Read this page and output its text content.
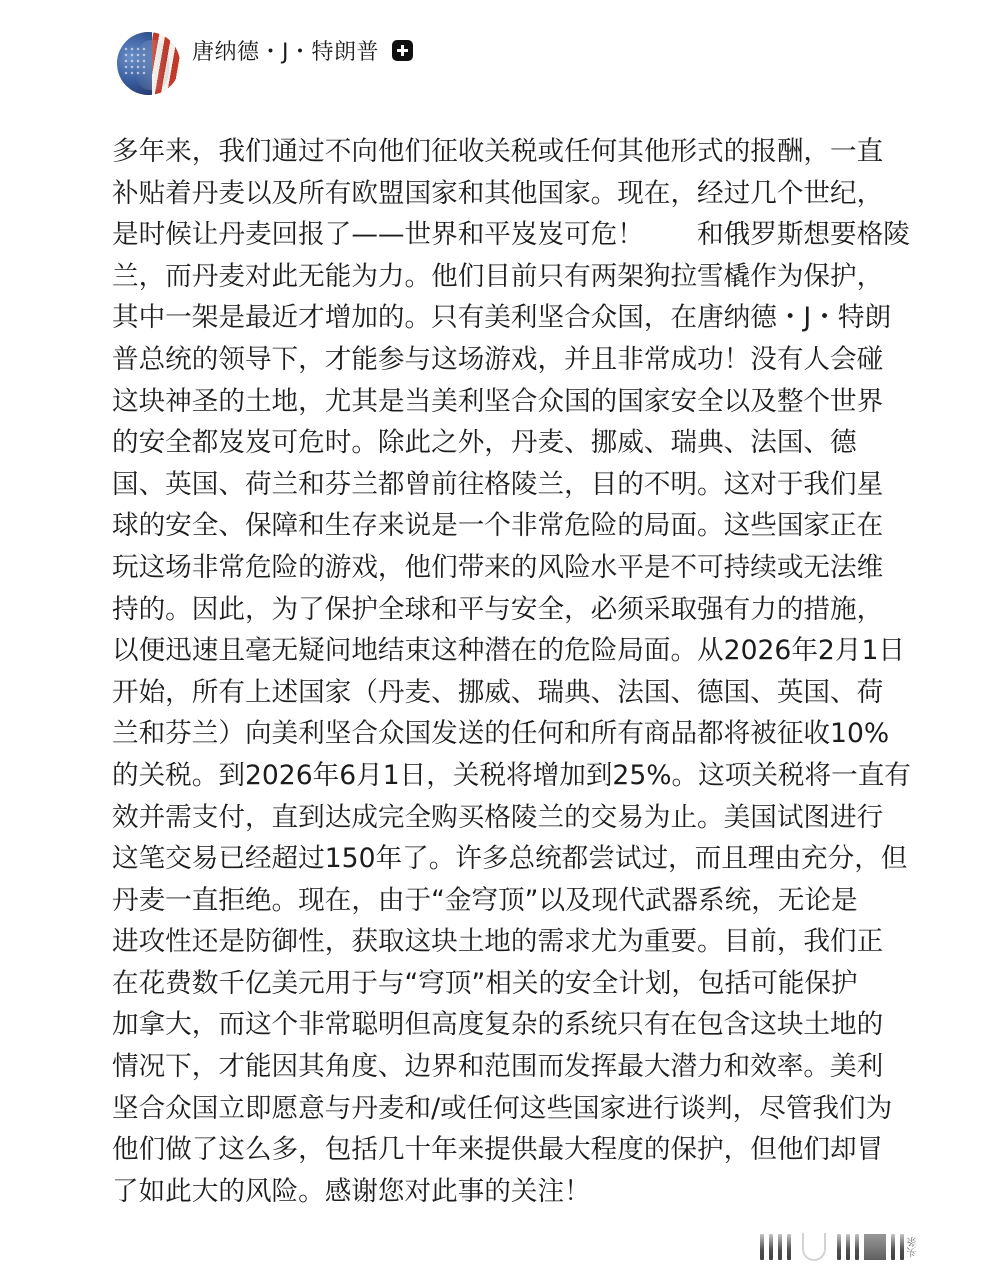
唐纳德・J・特朗普
多年来，我们通过不向他们征收关税或任何其他形式的报酬，一直
补贴着丹麦以及所有欧盟国家和其他国家。现在，经过几个世纪，
是时候让丹麦回报了——世界和平岌岌可危！　　和俄罗斯想要格陵
兰，而丹麦对此无能为力。他们目前只有两架狗拉雪橇作为保护，
其中一架是最近才增加的。只有美利坚合众国，在唐纳德・J・特朗
普总统的领导下，才能参与这场游戏，并且非常成功！没有人会碰
这块神圣的土地，尤其是当美利坚合众国的国家安全以及整个世界
的安全都岌岌可危时。除此之外，丹麦、挪威、瑞典、法国、德
国、英国、荷兰和芬兰都曾前往格陵兰，目的不明。这对于我们星
球的安全、保障和生存来说是一个非常危险的局面。这些国家正在
玩这场非常危险的游戏，他们带来的风险水平是不可持续或无法维
持的。因此，为了保护全球和平与安全，必须采取强有力的措施，
以便迅速且毫无疑问地结束这种潜在的危险局面。从2026年2月1日
开始，所有上述国家（丹麦、挪威、瑞典、法国、德国、英国、荷
兰和芬兰）向美利坚合众国发送的任何和所有商品都将被征收10%
的关税。到2026年6月1日，关税将增加到25%。这项关税将一直有
效并需支付，直到达成完全购买格陵兰的交易为止。美国试图进行
这笔交易已经超过150年了。许多总统都尝试过，而且理由充分，但
丹麦一直拒绝。现在，由于“金穹顶”以及现代武器系统，无论是
进攻性还是防御性，获取这块土地的需求尤为重要。目前，我们正
在花费数千亿美元用于与“穹顶”相关的安全计划，包括可能保护
加拿大，而这个非常聪明但高度复杂的系统只有在包含这块土地的
情况下，才能因其角度、边界和范围而发挥最大潜力和效率。美利
坚合众国立即愿意与丹麦和/或任何这些国家进行谈判，尽管我们为
他们做了这么多，包括几十年来提供最大程度的保护，但他们却冒
了如此大的风险。感谢您对此事的关注！
头条
